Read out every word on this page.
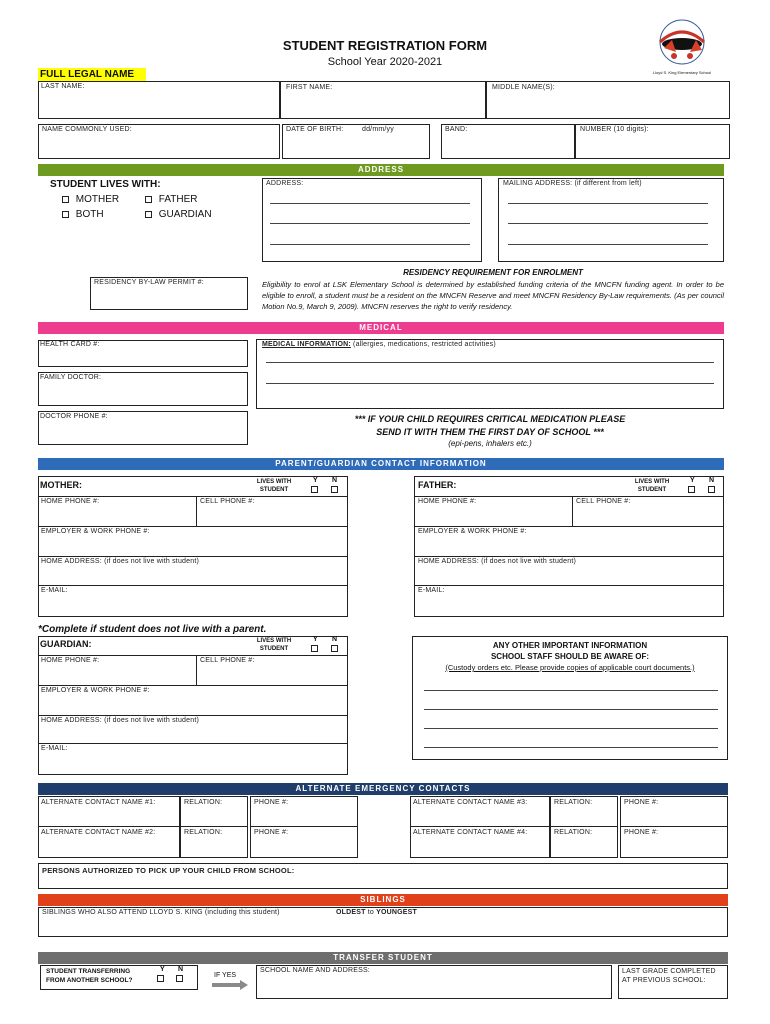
STUDENT REGISTRATION FORM
School Year 2020-2021
Lloyd S. King Elementary School
FULL LEGAL NAME
LAST NAME:	FIRST NAME:	MIDDLE NAME(S):
NAME COMMONLY USED:	DATE OF BIRTH:	dd/mm/yy	BAND:	NUMBER (10 digits):
ADDRESS
STUDENT LIVES WITH:
MOTHER	FATHER
BOTH	GUARDIAN
ADDRESS:	MAILING ADDRESS: (if different from left)
RESIDENCY BY-LAW PERMIT #:
RESIDENCY REQUIREMENT FOR ENROLMENT
Eligibility to enrol at LSK Elementary School is determined by established funding criteria of the MNCFN funding agent. In order to be eligible to enroll, a student must be a resident on the MNCFN Reserve and meet MNCFN Residency By-Law requirements. (As per council Motion No.9, March 9, 2009). MNCFN reserves the right to verify residency.
MEDICAL
HEALTH CARD #:
FAMILY DOCTOR:
DOCTOR PHONE #:
MEDICAL INFORMATION: (allergies, medications, restricted activities)
*** IF YOUR CHILD REQUIRES CRITICAL MEDICATION PLEASE
SEND IT WITH THEM THE FIRST DAY OF SCHOOL ***
(epi-pens, inhalers etc.)
PARENT/GUARDIAN CONTACT INFORMATION
MOTHER:	LIVES WITH
STUDENT
Y N
HOME PHONE #:	CELL PHONE #:
EMPLOYER & WORK PHONE #:
HOME ADDRESS: (if does not live with student)
E-MAIL:
FATHER:	LIVES WITH
STUDENT
Y N
HOME PHONE #:	CELL PHONE #:
EMPLOYER & WORK PHONE #:
HOME ADDRESS: (if does not live with student)
E-MAIL:
*Complete if student does not live with a parent.
GUARDIAN:	LIVES WITH
STUDENT
Y N
HOME PHONE #:	CELL PHONE #:
EMPLOYER & WORK PHONE #:
HOME ADDRESS: (if does not live with student)
E-MAIL:
ANY OTHER IMPORTANT INFORMATION
SCHOOL STAFF SHOULD BE AWARE OF:
(Custody orders etc. Please provide copies of applicable court documents.)
ALTERNATE EMERGENCY CONTACTS
ALTERNATE CONTACT NAME #1:	RELATION:	PHONE #:
ALTERNATE CONTACT NAME #2:	RELATION:	PHONE #:
ALTERNATE CONTACT NAME #3:	RELATION:	PHONE #:
ALTERNATE CONTACT NAME #4:	RELATION:	PHONE #:
PERSONS AUTHORIZED TO PICK UP YOUR CHILD FROM SCHOOL:
SIBLINGS
SIBLINGS WHO ALSO ATTEND LLOYD S. KING (including this student)	OLDEST to YOUNGEST
TRANSFER STUDENT
STUDENT TRANSFERRING
FROM ANOTHER SCHOOL?
Y N
IF YES
SCHOOL NAME AND ADDRESS:	LAST GRADE COMPLETED
AT PREVIOUS SCHOOL:
